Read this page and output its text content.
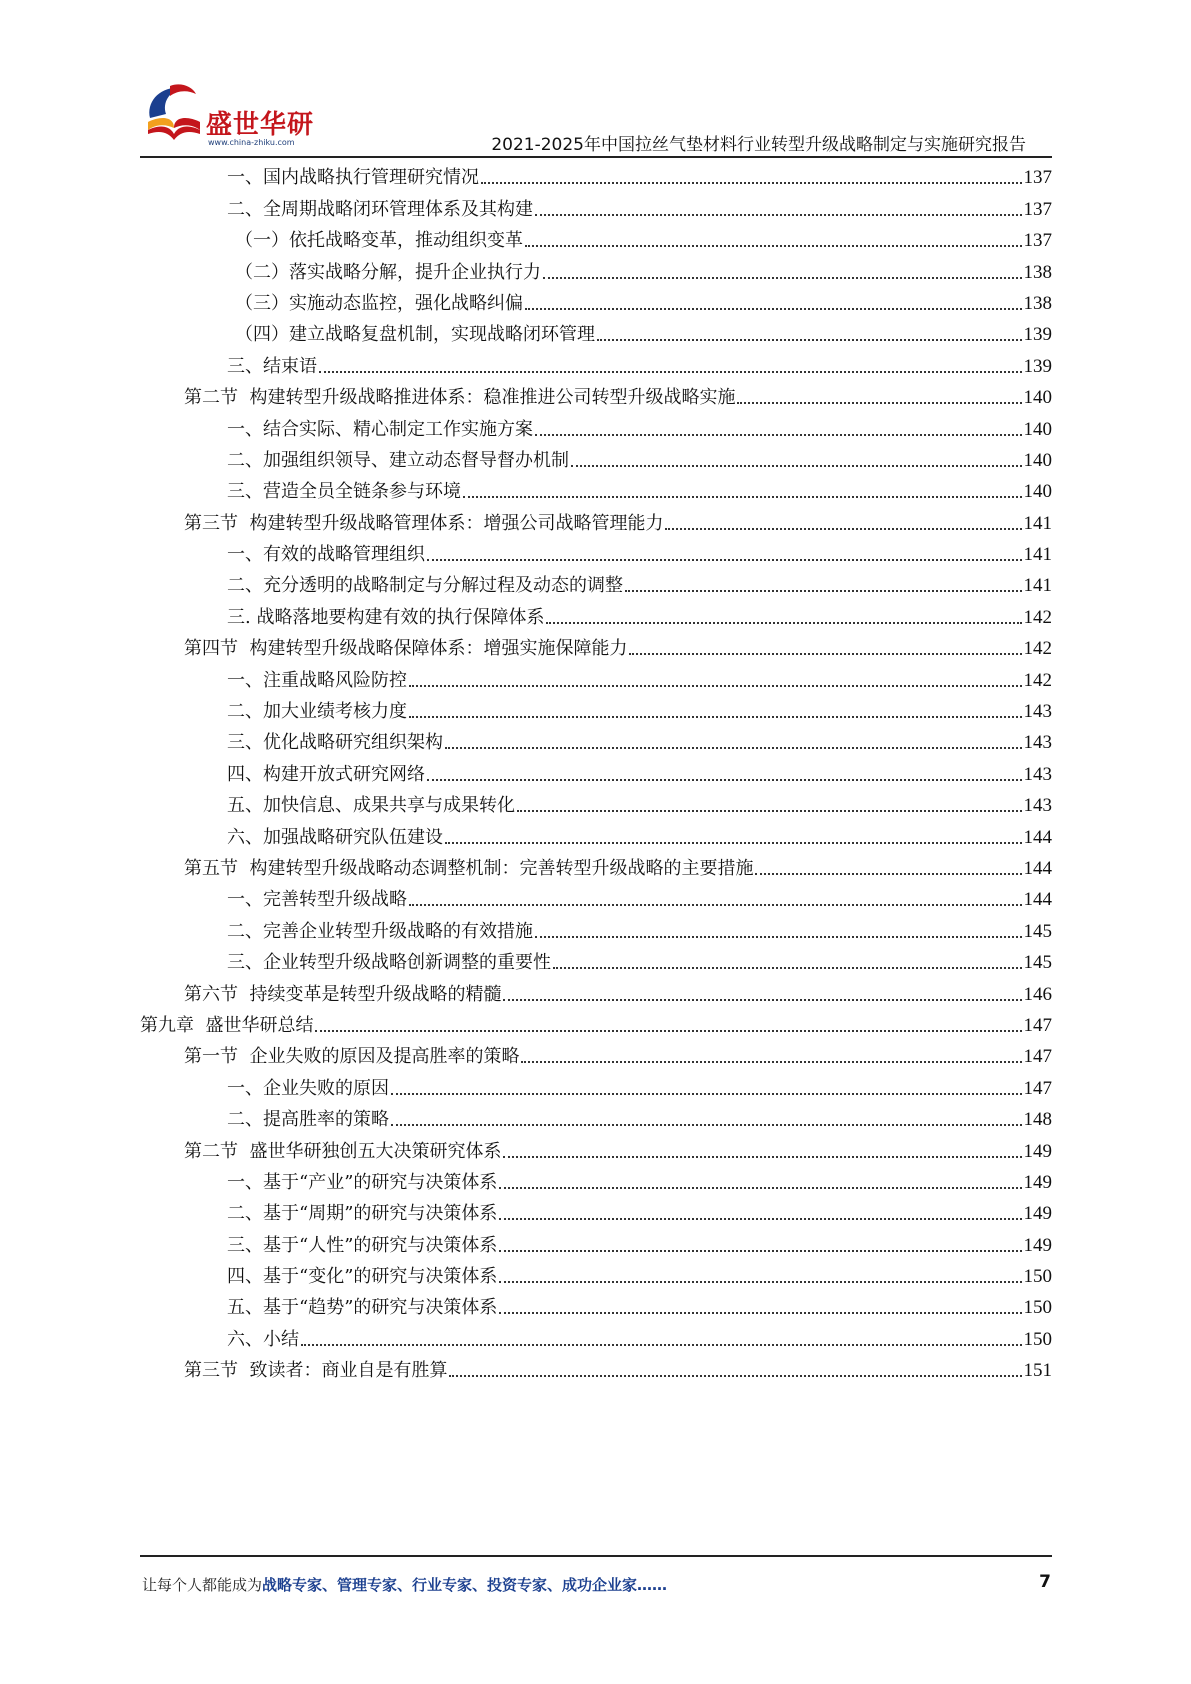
盛世华研
www.china-zhiku.com	2021-2025年中国拉丝气垫材料行业转型升级战略制定与实施研究报告
一、国内战略执行管理研究情况	137
二、全周期战略闭环管理体系及其构建	137
（一）依托战略变革，推动组织变革	137
（二）落实战略分解，提升企业执行力	138
（三）实施动态监控，强化战略纠偏	138
（四）建立战略复盘机制，实现战略闭环管理	139
三、结束语	139
第二节  构建转型升级战略推进体系：稳准推进公司转型升级战略实施	140
一、结合实际、精心制定工作实施方案	140
二、加强组织领导、建立动态督导督办机制	140
三、营造全员全链条参与环境	140
第三节  构建转型升级战略管理体系：增强公司战略管理能力	141
一、有效的战略管理组织	141
二、充分透明的战略制定与分解过程及动态的调整	141
三. 战略落地要构建有效的执行保障体系	142
第四节  构建转型升级战略保障体系：增强实施保障能力	142
一、注重战略风险防控	142
二、加大业绩考核力度	143
三、优化战略研究组织架构	143
四、构建开放式研究网络	143
五、加快信息、成果共享与成果转化	143
六、加强战略研究队伍建设	144
第五节  构建转型升级战略动态调整机制：完善转型升级战略的主要措施	144
一、完善转型升级战略	144
二、完善企业转型升级战略的有效措施	145
三、企业转型升级战略创新调整的重要性	145
第六节  持续变革是转型升级战略的精髓	146
第九章  盛世华研总结	147
第一节  企业失败的原因及提高胜率的策略	147
一、企业失败的原因	147
二、提高胜率的策略	148
第二节  盛世华研独创五大决策研究体系	149
一、基于“产业”的研究与决策体系	149
二、基于“周期”的研究与决策体系	149
三、基于“人性”的研究与决策体系	149
四、基于“变化”的研究与决策体系	150
五、基于“趋势”的研究与决策体系	150
六、小结	150
第三节  致读者：商业自是有胜算	151
让每个人都能成为战略专家、管理专家、行业专家、投资专家、成功企业家……	7
